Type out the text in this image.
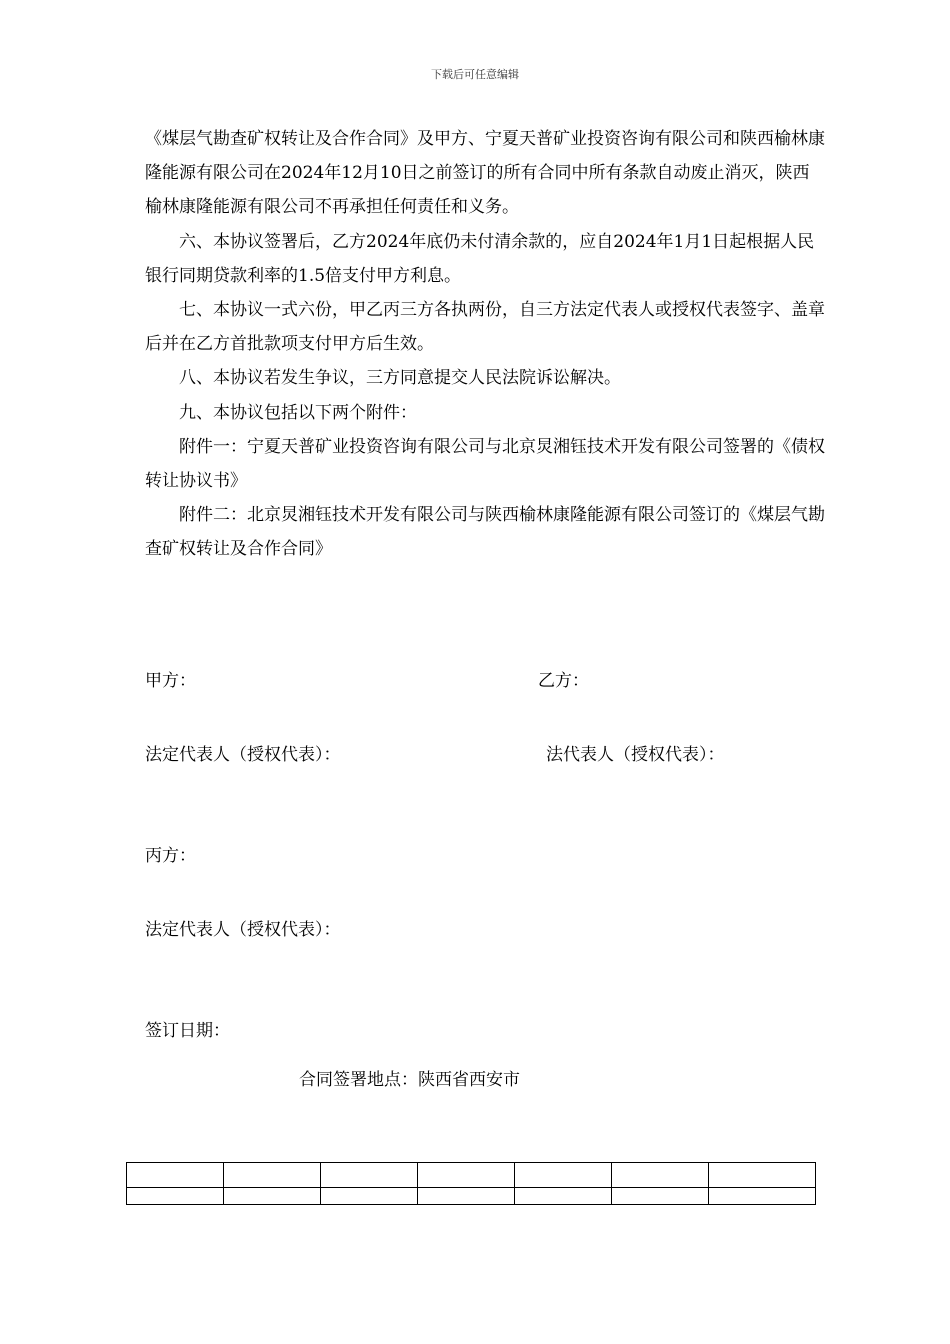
下载后可任意编辑

《煤层气勘查矿权转让及合作合同》及甲方、宁夏天普矿业投资咨询有限公司和陕西榆林康隆能源有限公司在2024年12月10日之前签订的所有合同中所有条款自动废止消灭，陕西榆林康隆能源有限公司不再承担任何责任和义务。

六、本协议签署后，乙方2024年底仍未付清余款的，应自2024年1月1日起根据人民银行同期贷款利率的1.5倍支付甲方利息。

七、本协议一式六份，甲乙丙三方各执两份，自三方法定代表人或授权代表签字、盖章后并在乙方首批款项支付甲方后生效。

八、本协议若发生争议，三方同意提交人民法院诉讼解决。

九、本协议包括以下两个附件：

附件一：宁夏天普矿业投资咨询有限公司与北京炅湘钰技术开发有限公司签署的《债权转让协议书》

附件二：北京炅湘钰技术开发有限公司与陕西榆林康隆能源有限公司签订的《煤层气勘查矿权转让及合作合同》

甲方：	乙方：
法定代表人（授权代表）：	法代表人（授权代表）：
丙方：
法定代表人（授权代表）：
签订日期：
合同签署地点：陕西省西安市
